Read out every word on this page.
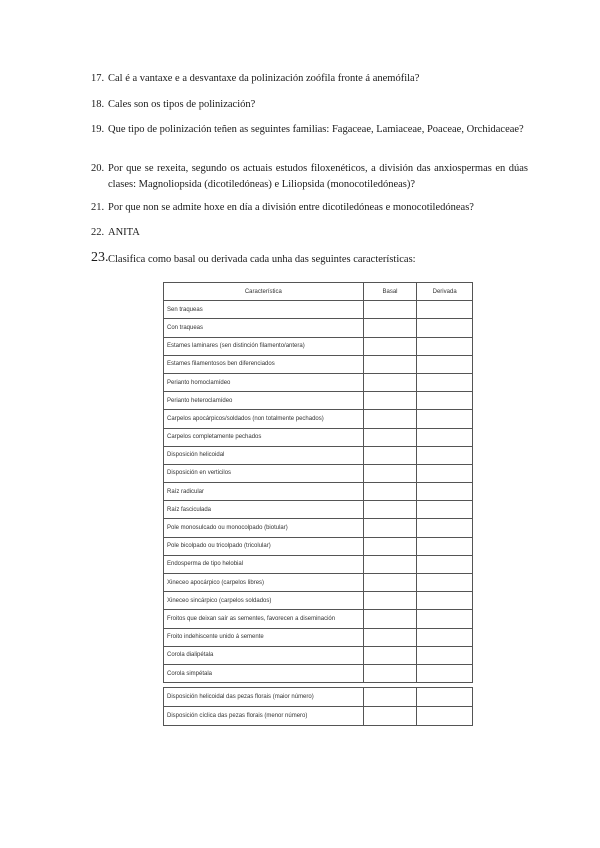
17. Cal é a vantaxe e a desvantaxe da polinización zoófila fronte á anemófila?
18. Cales son os tipos de polinización?
19. Que tipo de polinización teñen as seguintes familias: Fagaceae, Lamiaceae, Poaceae, Orchidaceae?
20. Por que se rexeita, segundo os actuais estudos filoxenéticos, a división das anxiospermas en dúas clases: Magnoliopsida (dicotiledóneas) e Liliopsida (monocotiledóneas)?
21. Por que non se admite hoxe en día a división entre dicotiledóneas e monocotiledóneas?
22. ANITA
23. Clasifica como basal ou derivada cada unha das seguintes características:
Característica	Basal	Derivada
Sen traqueas		
Con traqueas		
Estames laminares (sen distinción filamento/antera)		
Estames filamentosos ben diferenciados		
Perianto homoclamídeo		
Perianto heteroclamídeo		
Carpelos apocárpicos/soldados (non totalmente pechados)		
Carpelos completamente pechados		
Disposición helicoidal		
Disposición en verticilos		
Raíz radicular		
Raíz fasciculada		
Pole monosulcado ou monocolpado (biotular)		
Pole bicolpado ou tricolpado (tricolular)		
Endosperma de tipo helobial		
Xineceo apocárpico (carpelos libres)		
Xineceo sincárpico (carpelos soldados)		
Froitos que deixan saír as sementes, favorecen a diseminación		
Froito indehiscente unido á semente		
Corola dialipétala		
Corola simpétala		
Disposición helicoidal das pezas florais (maior número)		
Disposición cíclica das pezas florais (menor número)		
